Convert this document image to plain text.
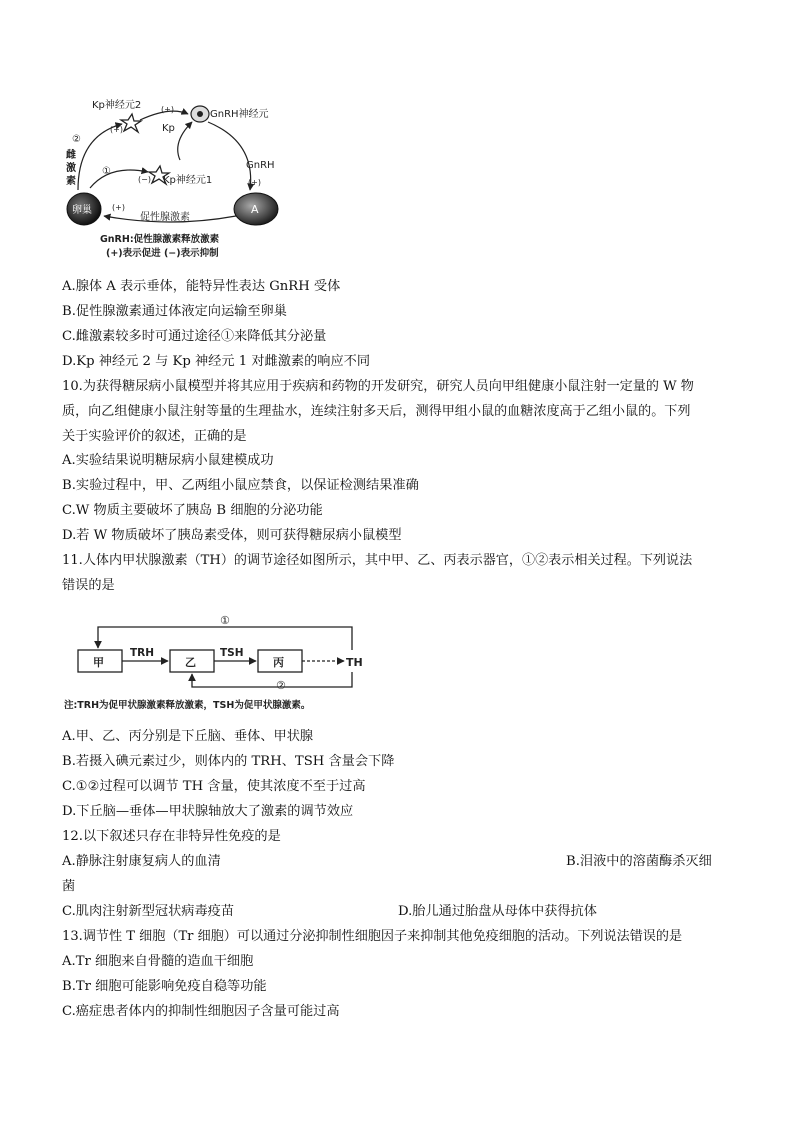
Kp神经元2
(+)
(+)
Kp
GnRH神经元
GnRH
(+)
Kp神经元1
(−)
①
②
雌
激
素
卵巢	A
(+)
促性腺激素
GnRH:促性腺激素释放激素
(+)表示促进 (−)表示抑制
A.腺体 A 表示垂体，能特异性表达 GnRH 受体
B.促性腺激素通过体液定向运输至卵巢
C.雌激素较多时可通过途径①来降低其分泌量
D.Kp 神经元 2 与 Kp 神经元 1 对雌激素的响应不同
10.为获得糖尿病小鼠模型并将其应用于疾病和药物的开发研究，研究人员向甲组健康小鼠注射一定量的 W 物
质，向乙组健康小鼠注射等量的生理盐水，连续注射多天后，测得甲组小鼠的血糖浓度高于乙组小鼠的。下列
关于实验评价的叙述，正确的是
A.实验结果说明糖尿病小鼠建模成功
B.实验过程中，甲、乙两组小鼠应禁食，以保证检测结果准确
C.W 物质主要破坏了胰岛 B 细胞的分泌功能
D.若 W 物质破坏了胰岛素受体，则可获得糖尿病小鼠模型
11.人体内甲状腺激素（TH）的调节途径如图所示，其中甲、乙、丙表示器官，①②表示相关过程。下列说法
错误的是
①
甲	乙	丙
TRH	TSH
TH
②
注:TRH为促甲状腺激素释放激素，TSH为促甲状腺激素。
A.甲、乙、丙分别是下丘脑、垂体、甲状腺
B.若摄入碘元素过少，则体内的 TRH、TSH 含量会下降
C.①②过程可以调节 TH 含量，使其浓度不至于过高
D.下丘脑—垂体—甲状腺轴放大了激素的调节效应
12.以下叙述只存在非特异性免疫的是
A.静脉注射康复病人的血清	B.泪液中的溶菌酶杀灭细
菌
C.肌肉注射新型冠状病毒疫苗	D.胎儿通过胎盘从母体中获得抗体
13.调节性 T 细胞（Tr 细胞）可以通过分泌抑制性细胞因子来抑制其他免疫细胞的活动。下列说法错误的是
A.Tr 细胞来自骨髓的造血干细胞
B.Tr 细胞可能影响免疫自稳等功能
C.癌症患者体内的抑制性细胞因子含量可能过高
